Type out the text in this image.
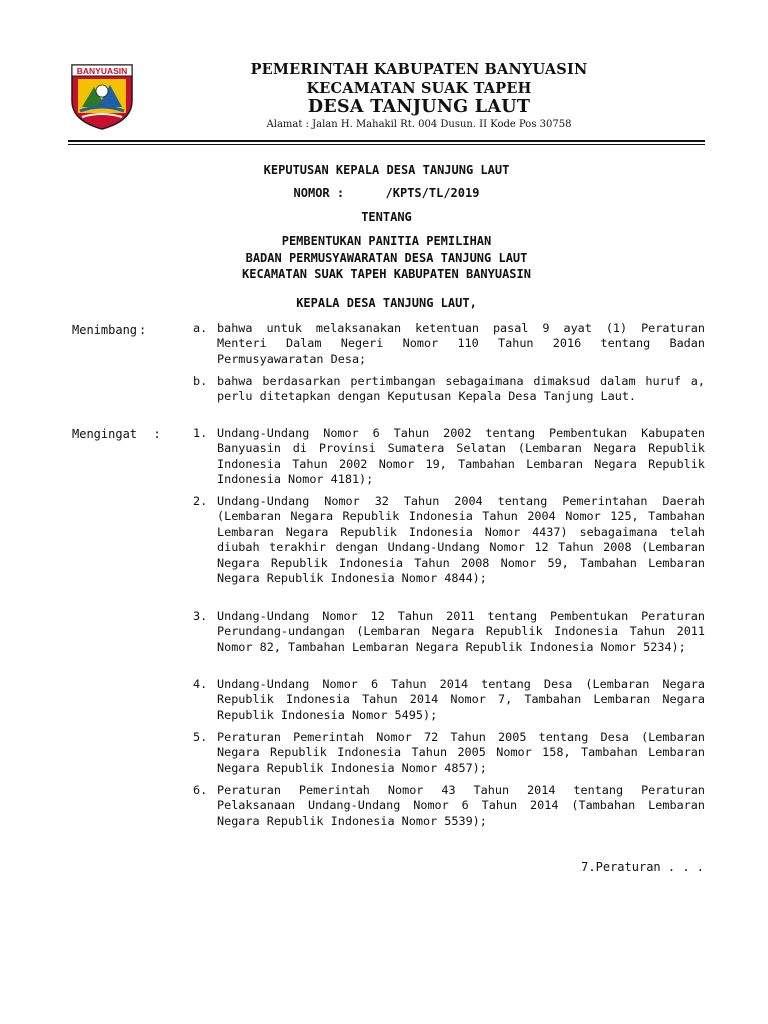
BANYUASIN	PEMERINTAH KABUPATEN BANYUASIN
KECAMATAN SUAK TAPEH
DESA TANJUNG LAUT
Alamat : Jalan H. Mahakil Rt. 004 Dusun. II Kode Pos 30758
KEPUTUSAN KEPALA DESA TANJUNG LAUT
NOMOR :	/KPTS/TL/2019
TENTANG
PEMBENTUKAN PANITIA PEMILIHAN
BADAN PERMUSYAWARATAN DESA TANJUNG LAUT
KECAMATAN SUAK TAPEH KABUPATEN BANYUASIN
KEPALA DESA TANJUNG LAUT,
Menimbang :	a. bahwa untuk melaksanakan ketentuan pasal 9 ayat (1) Peraturan Menteri Dalam Negeri Nomor 110 Tahun 2016 tentang Badan Permusyawaratan Desa;
b. bahwa berdasarkan pertimbangan sebagaimana dimaksud dalam huruf a, perlu ditetapkan dengan Keputusan Kepala Desa Tanjung Laut.
Mengingat :	1. Undang-Undang Nomor 6 Tahun 2002 tentang Pembentukan Kabupaten Banyuasin di Provinsi Sumatera Selatan (Lembaran Negara Republik Indonesia Tahun 2002 Nomor 19, Tambahan Lembaran Negara Republik Indonesia Nomor 4181);
2. Undang-Undang Nomor 32 Tahun 2004 tentang Pemerintahan Daerah (Lembaran Negara Republik Indonesia Tahun 2004 Nomor 125, Tambahan Lembaran Negara Republik Indonesia Nomor 4437) sebagaimana telah diubah terakhir dengan Undang-Undang Nomor 12 Tahun 2008 (Lembaran Negara Republik Indonesia Tahun 2008 Nomor 59, Tambahan Lembaran Negara Republik Indonesia Nomor 4844);
3. Undang-Undang Nomor 12 Tahun 2011 tentang Pembentukan Peraturan Perundang-undangan (Lembaran Negara Republik Indonesia Tahun 2011 Nomor 82, Tambahan Lembaran Negara Republik Indonesia Nomor 5234);
4. Undang-Undang Nomor 6 Tahun 2014 tentang Desa (Lembaran Negara Republik Indonesia Tahun 2014 Nomor 7, Tambahan Lembaran Negara Republik Indonesia Nomor 5495);
5. Peraturan Pemerintah Nomor 72 Tahun 2005 tentang Desa (Lembaran Negara Republik Indonesia Tahun 2005 Nomor 158, Tambahan Lembaran Negara Republik Indonesia Nomor 4857);
6. Peraturan Pemerintah Nomor 43 Tahun 2014 tentang Peraturan Pelaksanaan Undang-Undang Nomor 6 Tahun 2014 (Tambahan Lembaran Negara Republik Indonesia Nomor 5539);
7.Peraturan . . .
